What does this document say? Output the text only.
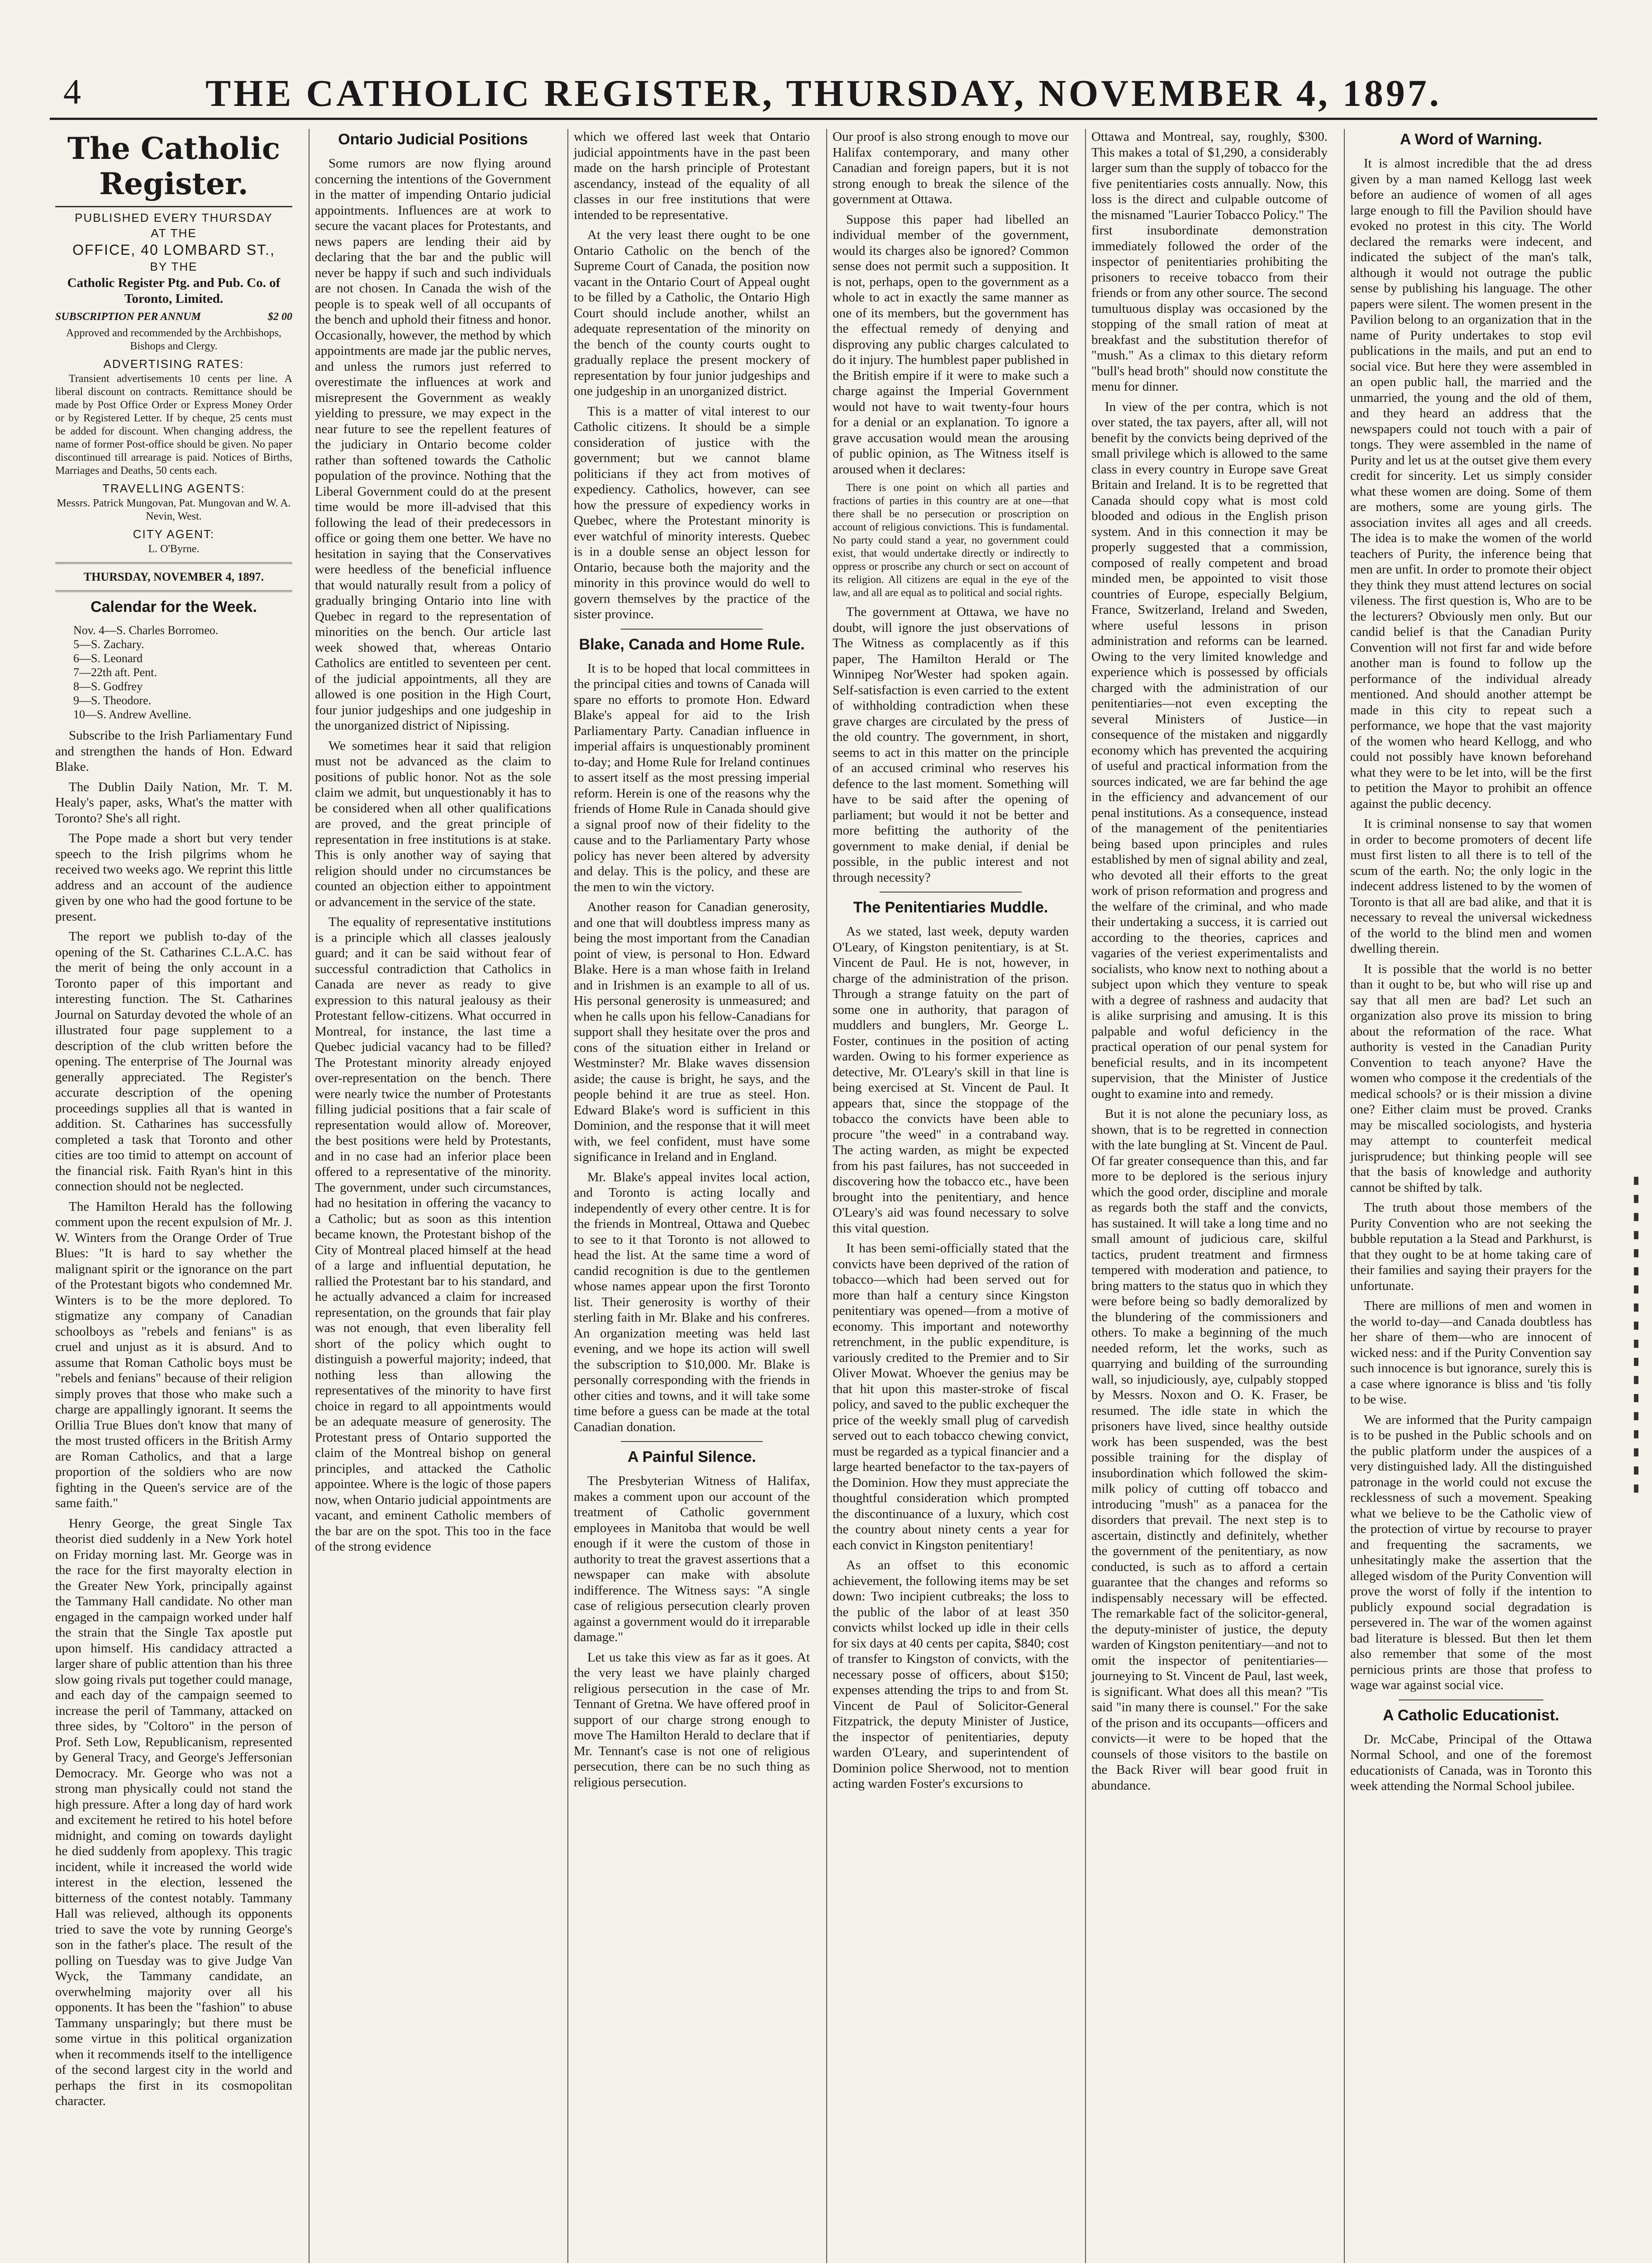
4	THE CATHOLIC REGISTER, THURSDAY, NOVEMBER 4, 1897.
The Catholic Register.
PUBLISHED EVERY THURSDAY
AT THE
OFFICE, 40 LOMBARD ST.,
BY THE

Catholic Register Ptg. and Pub. Co. of Toronto, Limited.

SUBSCRIPTION PER ANNUM	$2 00

Approved and recommended by the Archbishops, Bishops and Clergy.

ADVERTISING RATES:

Transient advertisements 10 cents per line. A liberal discount on contracts. Remittance should be made by Post Office Order or Express Money Order or by Registered Letter. If by cheque, 25 cents must be added for discount. When changing address, the name of former Post-office should be given. No paper discontinued till arrearage is paid. Notices of Births, Marriages and Deaths, 50 cents each.

TRAVELLING AGENTS:

Messrs. Patrick Mungovan, Pat. Mungovan and W. A. Nevin, West.

CITY AGENT:

L. O'Byrne.

THURSDAY, NOVEMBER 4, 1897.
Calendar for the Week.
Nov. 4—S. Charles Borromeo.
5—S. Zachary.
6—S. Leonard
7—22th aft. Pent.
8—S. Godfrey
9—S. Theodore.
10—S. Andrew Avelline.

Subscribe to the Irish Parliamentary Fund and strengthen the hands of Hon. Edward Blake.

The Dublin Daily Nation, Mr. T. M. Healy's paper, asks, What's the matter with Toronto? She's all right.

The Pope made a short but very tender speech to the Irish pilgrims whom he received two weeks ago. We reprint this little address and an account of the audience given by one who had the good fortune to be present.

The report we publish to-day of the opening of the St. Catharines C.L.A.C. has the merit of being the only account in a Toronto paper of this important and interesting function. The St. Catharines Journal on Saturday devoted the whole of an illustrated four page supplement to a description of the club written before the opening. The enterprise of The Journal was generally appreciated. The Register's accurate description of the opening proceedings supplies all that is wanted in addition. St. Catharines has successfully completed a task that Toronto and other cities are too timid to attempt on account of the financial risk. Faith Ryan's hint in this connection should not be neglected.

The Hamilton Herald has the following comment upon the recent expulsion of Mr. J. W. Winters from the Orange Order of True Blues: "It is hard to say whether the malignant spirit or the ignorance on the part of the Protestant bigots who condemned Mr. Winters is to be the more deplored. To stigmatize any company of Canadian schoolboys as "rebels and fenians" is as cruel and unjust as it is absurd. And to assume that Roman Catholic boys must be "rebels and fenians" because of their religion simply proves that those who make such a charge are appallingly ignorant. It seems the Orillia True Blues don't know that many of the most trusted officers in the British Army are Roman Catholics, and that a large proportion of the soldiers who are now fighting in the Queen's service are of the same faith."

Henry George, the great Single Tax theorist died suddenly in a New York hotel on Friday morning last. Mr. George was in the race for the first mayoralty election in the Greater New York, principally against the Tammany Hall candidate. No other man engaged in the campaign worked under half the strain that the Single Tax apostle put upon himself. His candidacy attracted a larger share of public attention than his three slow going rivals put together could manage, and each day of the campaign seemed to increase the peril of Tammany, attacked on three sides, by "Coltoro" in the person of Prof. Seth Low, Republicanism, represented by General Tracy, and George's Jeffersonian Democracy. Mr. George who was not a strong man physically could not stand the high pressure. After a long day of hard work and excitement he retired to his hotel before midnight, and coming on towards daylight he died suddenly from apoplexy. This tragic incident, while it increased the world wide interest in the election, lessened the bitterness of the contest notably. Tammany Hall was relieved, although its opponents tried to save the vote by running George's son in the father's place. The result of the polling on Tuesday was to give Judge Van Wyck, the Tammany candidate, an overwhelming majority over all his opponents. It has been the "fashion" to abuse Tammany unsparingly; but there must be some virtue in this political organization when it recommends itself to the intelligence of the second largest city in the world and perhaps the first in its cosmopolitan character.

Ontario Judicial Positions

Some rumors are now flying around concerning the intentions of the Government in the matter of impending Ontario judicial appointments. Influences are at work to secure the vacant places for Protestants, and news papers are lending their aid by declaring that the bar and the public will never be happy if such and such individuals are not chosen. In Canada the wish of the people is to speak well of all occupants of the bench and uphold their fitness and honor. Occasionally, however, the method by which appointments are made jar the public nerves, and unless the rumors just referred to overestimate the influences at work and misrepresent the Government as weakly yielding to pressure, we may expect in the near future to see the repellent features of the judiciary in Ontario become colder rather than softened towards the Catholic population of the province. Nothing that the Liberal Government could do at the present time would be more ill-advised that this following the lead of their predecessors in office or going them one better. We have no hesitation in saying that the Conservatives were heedless of the beneficial influence that would naturally result from a policy of gradually bringing Ontario into line with Quebec in regard to the representation of minorities on the bench. Our article last week showed that, whereas Ontario Catholics are entitled to seventeen per cent. of the judicial appointments, all they are allowed is one position in the High Court, four junior judgeships and one judgeship in the unorganized district of Nipissing.

We sometimes hear it said that religion must not be advanced as the claim to positions of public honor. Not as the sole claim we admit, but unquestionably it has to be considered when all other qualifications are proved, and the great principle of representation in free institutions is at stake. This is only another way of saying that religion should under no circumstances be counted an objection either to appointment or advancement in the service of the state.

The equality of representative institutions is a principle which all classes jealously guard; and it can be said without fear of successful contradiction that Catholics in Canada are never as ready to give expression to this natural jealousy as their Protestant fellow-citizens. What occurred in Montreal, for instance, the last time a Quebec judicial vacancy had to be filled? The Protestant minority already enjoyed over-representation on the bench. There were nearly twice the number of Protestants filling judicial positions that a fair scale of representation would allow of. Moreover, the best positions were held by Protestants, and in no case had an inferior place been offered to a representative of the minority. The government, under such circumstances, had no hesitation in offering the vacancy to a Catholic; but as soon as this intention became known, the Protestant bishop of the City of Montreal placed himself at the head of a large and influential deputation, he rallied the Protestant bar to his standard, and he actually advanced a claim for increased representation, on the grounds that fair play was not enough, that even liberality fell short of the policy which ought to distinguish a powerful majority; indeed, that nothing less than allowing the representatives of the minority to have first choice in regard to all appointments would be an adequate measure of generosity. The Protestant press of Ontario supported the claim of the Montreal bishop on general principles, and attacked the Catholic appointee. Where is the logic of those papers now, when Ontario judicial appointments are vacant, and eminent Catholic members of the bar are on the spot. This too in the face of the strong evidence

which we offered last week that Ontario judicial appointments have in the past been made on the harsh principle of Protestant ascendancy, instead of the equality of all classes in our free institutions that were intended to be representative.

At the very least there ought to be one Ontario Catholic on the bench of the Supreme Court of Canada, the position now vacant in the Ontario Court of Appeal ought to be filled by a Catholic, the Ontario High Court should include another, whilst an adequate representation of the minority on the bench of the county courts ought to gradually replace the present mockery of representation by four junior judgeships and one judgeship in an unorganized district.

This is a matter of vital interest to our Catholic citizens. It should be a simple consideration of justice with the government; but we cannot blame politicians if they act from motives of expediency. Catholics, however, can see how the pressure of expediency works in Quebec, where the Protestant minority is ever watchful of minority interests. Quebec is in a double sense an object lesson for Ontario, because both the majority and the minority in this province would do well to govern themselves by the practice of the sister province.

Blake, Canada and Home Rule.

It is to be hoped that local committees in the principal cities and towns of Canada will spare no efforts to promote Hon. Edward Blake's appeal for aid to the Irish Parliamentary Party. Canadian influence in imperial affairs is unquestionably prominent to-day; and Home Rule for Ireland continues to assert itself as the most pressing imperial reform. Herein is one of the reasons why the friends of Home Rule in Canada should give a signal proof now of their fidelity to the cause and to the Parliamentary Party whose policy has never been altered by adversity and delay. This is the policy, and these are the men to win the victory.

Another reason for Canadian generosity, and one that will doubtless impress many as being the most important from the Canadian point of view, is personal to Hon. Edward Blake. Here is a man whose faith in Ireland and in Irishmen is an example to all of us. His personal generosity is unmeasured; and when he calls upon his fellow-Canadians for support shall they hesitate over the pros and cons of the situation either in Ireland or Westminster? Mr. Blake waves dissension aside; the cause is bright, he says, and the people behind it are true as steel. Hon. Edward Blake's word is sufficient in this Dominion, and the response that it will meet with, we feel confident, must have some significance in Ireland and in England.

Mr. Blake's appeal invites local action, and Toronto is acting locally and independently of every other centre. It is for the friends in Montreal, Ottawa and Quebec to see to it that Toronto is not allowed to head the list. At the same time a word of candid recognition is due to the gentlemen whose names appear upon the first Toronto list. Their generosity is worthy of their sterling faith in Mr. Blake and his confreres. An organization meeting was held last evening, and we hope its action will swell the subscription to $10,000. Mr. Blake is personally corresponding with the friends in other cities and towns, and it will take some time before a guess can be made at the total Canadian donation.

A Painful Silence.

The Presbyterian Witness of Halifax, makes a comment upon our account of the treatment of Catholic government employees in Manitoba that would be well enough if it were the custom of those in authority to treat the gravest assertions that a newspaper can make with absolute indifference. The Witness says: "A single case of religious persecution clearly proven against a government would do it irreparable damage."

Let us take this view as far as it goes. At the very least we have plainly charged religious persecution in the case of Mr. Tennant of Gretna. We have offered proof in support of our charge strong enough to move The Hamilton Herald to declare that if Mr. Tennant's case is not one of religious persecution, there can be no such thing as religious persecution.

Our proof is also strong enough to move our Halifax contemporary, and many other Canadian and foreign papers, but it is not strong enough to break the silence of the government at Ottawa.

Suppose this paper had libelled an individual member of the government, would its charges also be ignored? Common sense does not permit such a supposition. It is not, perhaps, open to the government as a whole to act in exactly the same manner as one of its members, but the government has the effectual remedy of denying and disproving any public charges calculated to do it injury. The humblest paper published in the British empire if it were to make such a charge against the Imperial Government would not have to wait twenty-four hours for a denial or an explanation. To ignore a grave accusation would mean the arousing of public opinion, as The Witness itself is aroused when it declares:

There is one point on which all parties and fractions of parties in this country are at one—that there shall be no persecution or proscription on account of religious convictions. This is fundamental. No party could stand a year, no government could exist, that would undertake directly or indirectly to oppress or proscribe any church or sect on account of its religion. All citizens are equal in the eye of the law, and all are equal as to political and social rights.

The government at Ottawa, we have no doubt, will ignore the just observations of The Witness as complacently as if this paper, The Hamilton Herald or The Winnipeg Nor'Wester had spoken again. Self-satisfaction is even carried to the extent of withholding contradiction when these grave charges are circulated by the press of the old country. The government, in short, seems to act in this matter on the principle of an accused criminal who reserves his defence to the last moment. Something will have to be said after the opening of parliament; but would it not be better and more befitting the authority of the government to make denial, if denial be possible, in the public interest and not through necessity?

The Penitentiaries Muddle.

As we stated, last week, deputy warden O'Leary, of Kingston penitentiary, is at St. Vincent de Paul. He is not, however, in charge of the administration of the prison. Through a strange fatuity on the part of some one in authority, that paragon of muddlers and bunglers, Mr. George L. Foster, continues in the position of acting warden. Owing to his former experience as detective, Mr. O'Leary's skill in that line is being exercised at St. Vincent de Paul. It appears that, since the stoppage of the tobacco the convicts have been able to procure "the weed" in a contraband way. The acting warden, as might be expected from his past failures, has not succeeded in discovering how the tobacco etc., have been brought into the penitentiary, and hence O'Leary's aid was found necessary to solve this vital question.

It has been semi-officially stated that the convicts have been deprived of the ration of tobacco—which had been served out for more than half a century since Kingston penitentiary was opened—from a motive of economy. This important and noteworthy retrenchment, in the public expenditure, is variously credited to the Premier and to Sir Oliver Mowat. Whoever the genius may be that hit upon this master-stroke of fiscal policy, and saved to the public exchequer the price of the weekly small plug of carvedish served out to each tobacco chewing convict, must be regarded as a typical financier and a large hearted benefactor to the tax-payers of the Dominion. How they must appreciate the thoughtful consideration which prompted the discontinuance of a luxury, which cost the country about ninety cents a year for each convict in Kingston penitentiary!

As an offset to this economic achievement, the following items may be set down: Two incipient cutbreaks; the loss to the public of the labor of at least 350 convicts whilst locked up idle in their cells for six days at 40 cents per capita, $840; cost of transfer to Kingston of convicts, with the necessary posse of officers, about $150; expenses attending the trips to and from St. Vincent de Paul of Solicitor-General Fitzpatrick, the deputy Minister of Justice, the inspector of penitentiaries, deputy warden O'Leary, and superintendent of Dominion police Sherwood, not to mention acting warden Foster's excursions to

Ottawa and Montreal, say, roughly, $300. This makes a total of $1,290, a considerably larger sum than the supply of tobacco for the five penitentiaries costs annually. Now, this loss is the direct and culpable outcome of the misnamed "Laurier Tobacco Policy." The first insubordinate demonstration immediately followed the order of the inspector of penitentiaries prohibiting the prisoners to receive tobacco from their friends or from any other source. The second tumultuous display was occasioned by the stopping of the small ration of meat at breakfast and the substitution therefor of "mush." As a climax to this dietary reform "bull's head broth" should now constitute the menu for dinner.

In view of the per contra, which is not over stated, the tax payers, after all, will not benefit by the convicts being deprived of the small privilege which is allowed to the same class in every country in Europe save Great Britain and Ireland. It is to be regretted that Canada should copy what is most cold blooded and odious in the English prison system. And in this connection it may be properly suggested that a commission, composed of really competent and broad minded men, be appointed to visit those countries of Europe, especially Belgium, France, Switzerland, Ireland and Sweden, where useful lessons in prison administration and reforms can be learned. Owing to the very limited knowledge and experience which is possessed by officials charged with the administration of our penitentiaries—not even excepting the several Ministers of Justice—in consequence of the mistaken and niggardly economy which has prevented the acquiring of useful and practical information from the sources indicated, we are far behind the age in the efficiency and advancement of our penal institutions. As a consequence, instead of the management of the penitentiaries being based upon principles and rules established by men of signal ability and zeal, who devoted all their efforts to the great work of prison reformation and progress and the welfare of the criminal, and who made their undertaking a success, it is carried out according to the theories, caprices and vagaries of the veriest experimentalists and socialists, who know next to nothing about a subject upon which they venture to speak with a degree of rashness and audacity that is alike surprising and amusing. It is this palpable and woful deficiency in the practical operation of our penal system for beneficial results, and in its incompetent supervision, that the Minister of Justice ought to examine into and remedy.

But it is not alone the pecuniary loss, as shown, that is to be regretted in connection with the late bungling at St. Vincent de Paul. Of far greater consequence than this, and far more to be deplored is the serious injury which the good order, discipline and morale as regards both the staff and the convicts, has sustained. It will take a long time and no small amount of judicious care, skilful tactics, prudent treatment and firmness tempered with moderation and patience, to bring matters to the status quo in which they were before being so badly demoralized by the blundering of the commissioners and others. To make a beginning of the much needed reform, let the works, such as quarrying and building of the surrounding wall, so injudiciously, aye, culpably stopped by Messrs. Noxon and O. K. Fraser, be resumed. The idle state in which the prisoners have lived, since healthy outside work has been suspended, was the best possible training for the display of insubordination which followed the skim-milk policy of cutting off tobacco and introducing "mush" as a panacea for the disorders that prevail. The next step is to ascertain, distinctly and definitely, whether the government of the penitentiary, as now conducted, is such as to afford a certain guarantee that the changes and reforms so indispensably necessary will be effected. The remarkable fact of the solicitor-general, the deputy-minister of justice, the deputy warden of Kingston penitentiary—and not to omit the inspector of penitentiaries—journeying to St. Vincent de Paul, last week, is significant. What does all this mean? "Tis said "in many there is counsel." For the sake of the prison and its occupants—officers and convicts—it were to be hoped that the counsels of those visitors to the bastile on the Back River will bear good fruit in abundance.

A Word of Warning.

It is almost incredible that the ad dress given by a man named Kellogg last week before an audience of women of all ages large enough to fill the Pavilion should have evoked no protest in this city. The World declared the remarks were indecent, and indicated the subject of the man's talk, although it would not outrage the public sense by publishing his language. The other papers were silent. The women present in the Pavilion belong to an organization that in the name of Purity undertakes to stop evil publications in the mails, and put an end to social vice. But here they were assembled in an open public hall, the married and the unmarried, the young and the old of them, and they heard an address that the newspapers could not touch with a pair of tongs. They were assembled in the name of Purity and let us at the outset give them every credit for sincerity. Let us simply consider what these women are doing. Some of them are mothers, some are young girls. The association invites all ages and all creeds. The idea is to make the women of the world teachers of Purity, the inference being that men are unfit. In order to promote their object they think they must attend lectures on social vileness. The first question is, Who are to be the lecturers? Obviously men only. But our candid belief is that the Canadian Purity Convention will not first far and wide before another man is found to follow up the performance of the individual already mentioned. And should another attempt be made in this city to repeat such a performance, we hope that the vast majority of the women who heard Kellogg, and who could not possibly have known beforehand what they were to be let into, will be the first to petition the Mayor to prohibit an offence against the public decency.

It is criminal nonsense to say that women in order to become promoters of decent life must first listen to all there is to tell of the scum of the earth. No; the only logic in the indecent address listened to by the women of Toronto is that all are bad alike, and that it is necessary to reveal the universal wickedness of the world to the blind men and women dwelling therein.

It is possible that the world is no better than it ought to be, but who will rise up and say that all men are bad? Let such an organization also prove its mission to bring about the reformation of the race. What authority is vested in the Canadian Purity Convention to teach anyone? Have the women who compose it the credentials of the medical schools? or is their mission a divine one? Either claim must be proved. Cranks may be miscalled sociologists, and hysteria may attempt to counterfeit medical jurisprudence; but thinking people will see that the basis of knowledge and authority cannot be shifted by talk.

The truth about those members of the Purity Convention who are not seeking the bubble reputation a la Stead and Parkhurst, is that they ought to be at home taking care of their families and saying their prayers for the unfortunate.

There are millions of men and women in the world to-day—and Canada doubtless has her share of them—who are innocent of wicked ness: and if the Purity Convention say such innocence is but ignorance, surely this is a case where ignorance is bliss and 'tis folly to be wise.

We are informed that the Purity campaign is to be pushed in the Public schools and on the public platform under the auspices of a very distinguished lady. All the distinguished patronage in the world could not excuse the recklessness of such a movement. Speaking what we believe to be the Catholic view of the protection of virtue by recourse to prayer and frequenting the sacraments, we unhesitatingly make the assertion that the alleged wisdom of the Purity Convention will prove the worst of folly if the intention to publicly expound social degradation is persevered in. The war of the women against bad literature is blessed. But then let them also remember that some of the most pernicious prints are those that profess to wage war against social vice.

A Catholic Educationist.

Dr. McCabe, Principal of the Ottawa Normal School, and one of the foremost educationists of Canada, was in Toronto this week attending the Normal School jubilee.
